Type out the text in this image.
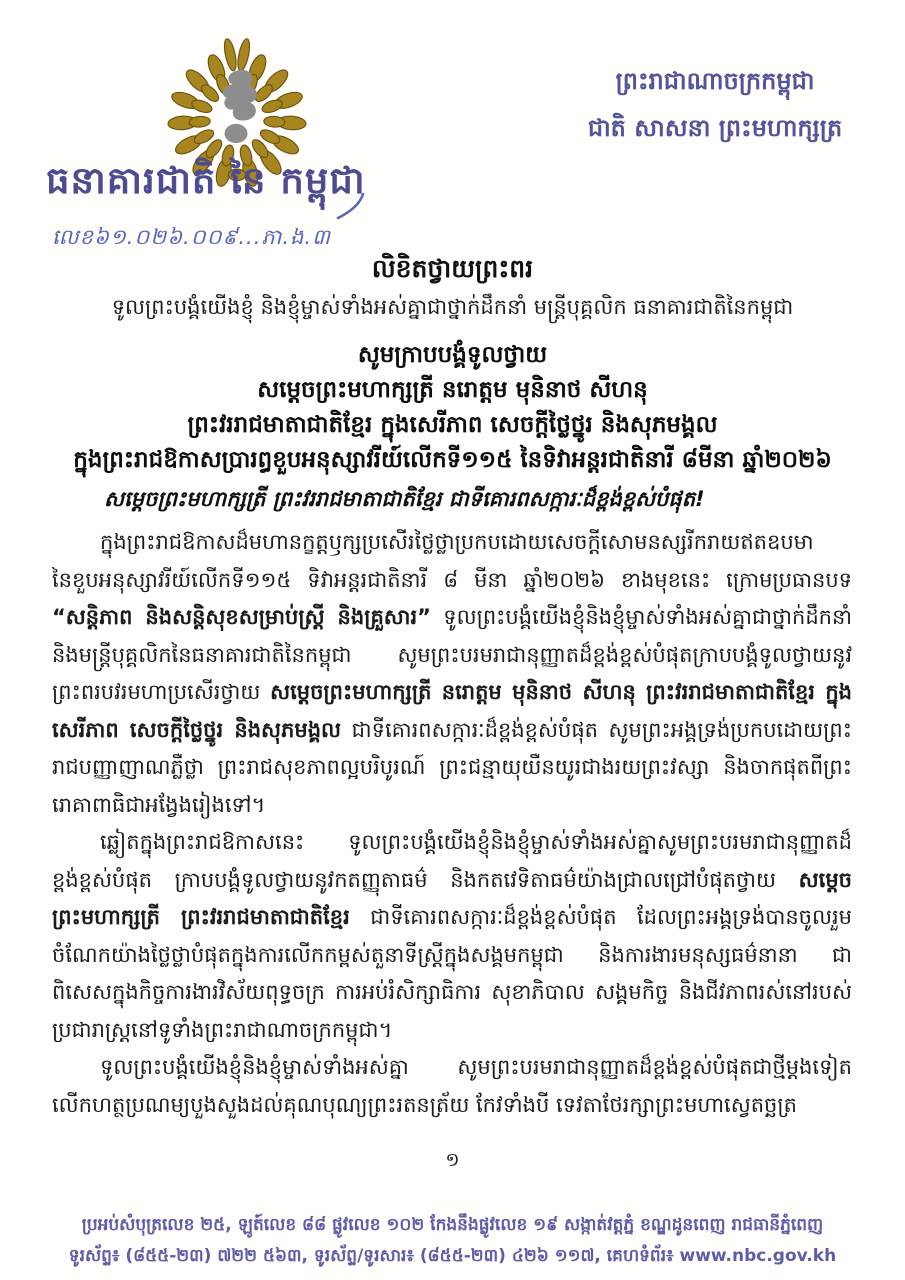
ព្រះរាជាណាចក្រកម្ពុជា
ជាតិ សាសនា ព្រះមហាក្សត្រ
ធនាគារជាតិ នៃ កម្ពុជា
លេខ៦១.០២៦.០០៩...ភា.ង.៣
លិខិតថ្វាយព្រះពរ
ទូលព្រះបង្គំយើងខ្ញុំ និងខ្ញុំម្ចាស់ទាំងអស់គ្នាជាថ្នាក់ដឹកនាំ មន្ត្រីបុគ្គលិក ធនាគារជាតិនៃកម្ពុជា
សូមក្រាបបង្គំទូលថ្វាយ
សម្តេចព្រះមហាក្សត្រី នរោត្តម មុនិនាថ សីហនុ
ព្រះវររាជមាតាជាតិខ្មែរ ក្នុងសេរីភាព សេចក្តីថ្លៃថ្នូរ និងសុភមង្គល
ក្នុងព្រះរាជឱកាសប្រារព្ធខួបអនុស្សាវរីយ៍លើកទី១១៥ នៃទិវាអន្តរជាតិនារី ៨មីនា ឆ្នាំ២០២៦
សម្តេចព្រះមហាក្សត្រី ព្រះវររាជមាតាជាតិខ្មែរ ជាទីគោរពសក្ការៈដ៏ខ្ពង់ខ្ពស់បំផុត!

ក្នុងព្រះរាជឱកាសដ៏មហានក្ខត្តឫក្សប្រសើរថ្លៃថ្លាប្រកបដោយសេចក្តីសោមនស្សរីករាយឥតឧបមា នៃខួបអនុស្សាវរីយ៍លើកទី១១៥ ទិវាអន្តរជាតិនារី ៨ មីនា ឆ្នាំ២០២៦ ខាងមុខនេះ ក្រោមប្រធានបទ “សន្តិភាព និងសន្តិសុខសម្រាប់ស្ត្រី និងគ្រួសារ” ទូលព្រះបង្គំយើងខ្ញុំនិងខ្ញុំម្ចាស់ទាំងអស់គ្នាជាថ្នាក់ដឹកនាំ និងមន្ត្រីបុគ្គលិកនៃធនាគារជាតិនៃកម្ពុជា សូមព្រះបរមរាជានុញ្ញាតដ៏ខ្ពង់ខ្ពស់បំផុតក្រាបបង្គំទូលថ្វាយនូវ ព្រះពរបវរមហាប្រសើរថ្វាយ សម្តេចព្រះមហាក្សត្រី នរោត្តម មុនិនាថ សីហនុ ព្រះវររាជមាតាជាតិខ្មែរ ក្នុងសេរីភាព សេចក្តីថ្លៃថ្នូរ និងសុភមង្គល ជាទីគោរពសក្ការៈដ៏ខ្ពង់ខ្ពស់បំផុត សូមព្រះអង្គទ្រង់ប្រកបដោយព្រះរាជបញ្ញាញាណភ្លឺថ្លា ព្រះរាជសុខភាពល្អបរិបូរណ៍ ព្រះជន្មាយុយឺនយូរជាងរយព្រះវស្សា និងចាកផុតពីព្រះរោគាពាធិជាអង្វែងរៀងទៅ។

ឆ្លៀតក្នុងព្រះរាជឱកាសនេះ ទូលព្រះបង្គំយើងខ្ញុំនិងខ្ញុំម្ចាស់ទាំងអស់គ្នាសូមព្រះបរមរាជានុញ្ញាតដ៏ខ្ពង់ខ្ពស់បំផុត ក្រាបបង្គំទូលថ្វាយនូវកតញ្ញុតាធម៌ និងកតវេទិតាធម៌យ៉ាងជ្រាលជ្រៅបំផុតថ្វាយ សម្តេចព្រះមហាក្សត្រី ព្រះវររាជមាតាជាតិខ្មែរ ជាទីគោរពសក្ការៈដ៏ខ្ពង់ខ្ពស់បំផុត ដែលព្រះអង្គទ្រង់បានចូលរួមចំណែកយ៉ាងថ្លៃថ្លាបំផុតក្នុងការលើកកម្ពស់តួនាទីស្ត្រីក្នុងសង្គមកម្ពុជា និងការងារមនុស្សធម៌នានា ជាពិសេសក្នុងកិច្ចការងារវិស័យពុទ្ធចក្រ ការអប់រំសិក្សាធិការ សុខាភិបាល សង្គមកិច្ច និងជីវភាពរស់នៅរបស់ប្រជារាស្ត្រនៅទូទាំងព្រះរាជាណាចក្រកម្ពុជា។

ទូលព្រះបង្គំយើងខ្ញុំនិងខ្ញុំម្ចាស់ទាំងអស់គ្នា សូមព្រះបរមរាជានុញ្ញាតដ៏ខ្ពង់ខ្ពស់បំផុតជាថ្មីម្តងទៀត លើកហត្ថប្រណម្យបួងសួងដល់គុណបុណ្យព្រះរតនត្រ័យ កែវទាំងបី ទេវតាថែរក្សាព្រះមហាស្វេតច្ឆត្រ

១
ប្រអប់សំបុត្រលេខ ២៥, ឡូត៍លេខ ៨៨ ផ្លូវលេខ ១០២ កែងនឹងផ្លូវលេខ ១៩ សង្កាត់វត្តភ្នំ ខណ្ឌដូនពេញ រាជធានីភ្នំពេញ
ទូរស័ព្ទ៖ (៨៥៥-២៣) ៧២២ ៥៦៣, ទូរស័ព្ទ/ទូរសារ៖ (៨៥៥-២៣) ៤២៦ ១១៧, គេហទំព័រ៖ www.nbc.gov.kh
